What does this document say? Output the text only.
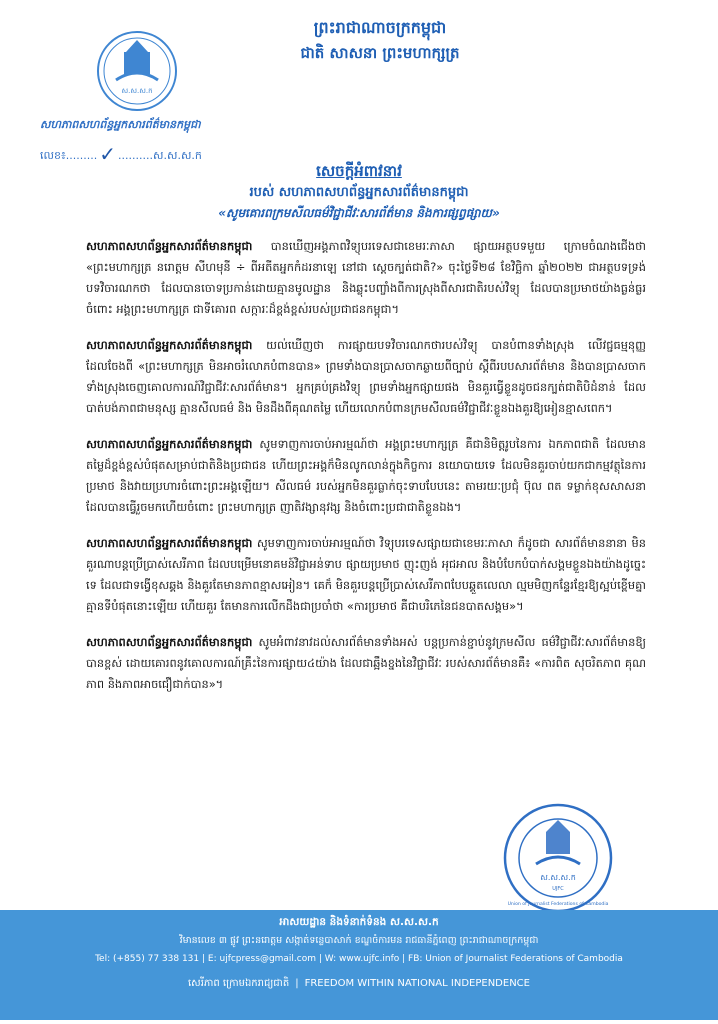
ស.ស.ស.ក
ព្រះរាជាណាចក្រកម្ពុជា
ជាតិ សាសនា ព្រះមហាក្សត្រ
សហភាពសហព័ន្ធអ្នកសារព័ត៌មានកម្ពុជា
លេខ៖......... ✓ ..........ស.ស.ស.ក
សេចក្តីអំពាវនាវ
របស់ សហភាពសហព័ន្ធអ្នកសារព័ត៌មានកម្ពុជា
«សូមគោរពក្រមសីលធម៌វិជ្ជាជីវៈសារព័ត៌មាន និងការផ្សព្វផ្សាយ»

សហភាពសហព័ន្ធអ្នកសារព័ត៌មានកម្ពុជា បានឃើញអង្គភាពវិទ្យុបរទេសជាខេមរៈភាសា ផ្សាយអត្ថបទមួយ ក្រោមចំណងជើងថា «ព្រះមហាក្សត្រ នរោត្តម សីហមុនី ÷ ពីអតីតអ្នកកំដរនាឡេ នៅជា ស្តេចក្បត់ជាតិ?» ចុះថ្ងៃទី២៨ ខែវិច្ឆិកា ឆ្នាំ២០២២ ជាអត្ថបទទ្រង់ បទវិចារណកថា ដែលបានចោទប្រកាន់ដោយគ្មានមូលដ្ឋាន និងឆ្លុះបញ្ចាំងពីការស្រុងពីសារជាតិរបស់វិទ្យុ ដែលបានប្រមាថយ៉ាងធ្ងន់ធ្ងរចំពោះ អង្គព្រះមហាក្សត្រ ជាទីគោរព សក្ការៈដ៏ខ្ពង់ខ្ពស់របស់ប្រជាជនកម្ពុជា។

សហភាពសហព័ន្ធអ្នកសារព័ត៌មានកម្ពុជា យល់ឃើញថា ការផ្សាយបទវិចារណកថារបស់វិទ្យុ បានបំពានទាំងស្រុង លើវជ្ជធម្មនុញ្ញ ដែលចែងពី «ព្រះមហាក្សត្រ មិនអាចរំលោភបំពានបាន» ព្រមទាំងបានប្រាសចាកឆ្ងាយពីច្បាប់ ស្តីពីរបបសារព័ត៌មាន និងបានប្រាសចាកទាំងស្រុងចេញគោលការណ៍វិជ្ជាជីវៈសារព័ត៌មាន។ អ្នកគ្រប់គ្រងវិទ្យុ ព្រមទាំងអ្នកផ្សាយផង មិនគួរធ្វើខ្លួនដូចជនក្បត់ជាតិបិដំនាន់ ដែលបាត់បង់ភាពជាមនុស្ស គ្មានសីលធម៌ និង មិនដឹងពីគុណតម្លៃ ហើយលោកបំពានក្រមសីលធម៌វិជ្ជាជីវៈខ្លួនឯងគួរឱ្យអៀនខ្មាសពេក។

សហភាពសហព័ន្ធអ្នកសារព័ត៌មានកម្ពុជា សូមទាញការចាប់អារម្មណ៍ថា អង្គព្រះមហាក្សត្រ គឺជានិមិត្តរូបនៃការ ឯកភាពជាតិ ដែលមានតម្លៃដ៏ខ្ពង់ខ្ពស់បំផុតសម្រាប់ជាតិនិងប្រជាជន ហើយព្រះអង្គក៏មិនលូកលាន់ក្នុងកិច្ចការ នយោបាយទេ ដែលមិនគួរចាប់យកជាកម្មវត្ថុនៃការប្រមាថ និងវាយប្រហារចំពោះព្រះអង្គឡើយ។ សីលធម៌ របស់អ្នកមិនគួរធ្លាក់ចុះទាបបែបនេះ តាមរយៈប្រជុំ ប៊ុល ពត ទម្លាក់ខុសសាសនា ដែលបានធ្វើរួចមកហើយចំពោះ ព្រះមហាក្សត្រ ញាតិវង្សានុវង្ស និងចំពោះប្រជាជាតិខ្លួនឯង។

សហភាពសហព័ន្ធអ្នកសារព័ត៌មានកម្ពុជា សូមទាញការចាប់អារម្មណ៍ថា វិទ្យុបរទេសផ្សាយជាខេមរៈភាសា ក៏ដូចជា សារព័ត៌មាននានា មិនគួរណាបន្តប្រើប្រាស់សេរីភាព ដែលបម្រើមនោគមន៍វិជ្ជាអន់ទាប ផ្សាយប្រមាថ ញុះញង់ អុជអាល និងបំបែកបំបាក់សង្គមខ្លួនឯងយ៉ាងដូច្នេះទេ ដែលជាទង្វើខុសឆ្គង និងគួរតែមានភាពខ្មាសអៀន។ គេក៏ មិនគួរបន្តប្រើប្រាស់សេរីភាពបែបឆ្គួតលេលា ល្មមមិញកន្ទែរខ្មែរឱ្យស្អប់ខ្ពើមគ្នាគ្មានទីបំផុតនោះឡើយ ហើយគួរ តែមានការលើកដឹងជាប្រចាំថា «ការប្រមាថ គឺជាបរិភេនៃជនបាតសង្គម»។

សហភាពសហព័ន្ធអ្នកសារព័ត៌មានកម្ពុជា សូមអំពាវនាវដល់សារព័ត៌មានទាំងអស់ បន្តប្រកាន់ខ្ជាប់នូវក្រមសីល ធម៌វិជ្ជាជីវៈសារព័ត៌មានឱ្យបានខ្ពស់ ដោយគោរពនូវគោលការណ៍គ្រឹះនៃការផ្សាយ៤យ៉ាង ដែលជាឆ្អឹងខ្នងនៃវិជ្ជាជីវៈ របស់សារព័ត៌មានគឺ៖ «ការពិត សុចរិតភាព គុណភាព និងភាពអាចជឿជាក់បាន»។

ស.ស.ស.ក
UJFC
Union of Journalist Federations of Cambodia
អាសយដ្ឋាន និងទំនាក់ទំនង ស.ស.ស.ក
វិមានលេខ ៣ ផ្លូវ ព្រះនរោត្តម សង្កាត់ទន្លេបាសាក់ ខណ្ឌចំការមន រាជធានីភ្នំពេញ ព្រះរាជាណាចក្រកម្ពុជា
Tel: (+855) 77 338 131 | E: ujfcpress@gmail.com | W: www.ujfc.info | FB: Union of Journalist Federations of Cambodia
សេរីភាព ក្រោមឯករាជ្យជាតិ | FREEDOM WITHIN NATIONAL INDEPENDENCE
